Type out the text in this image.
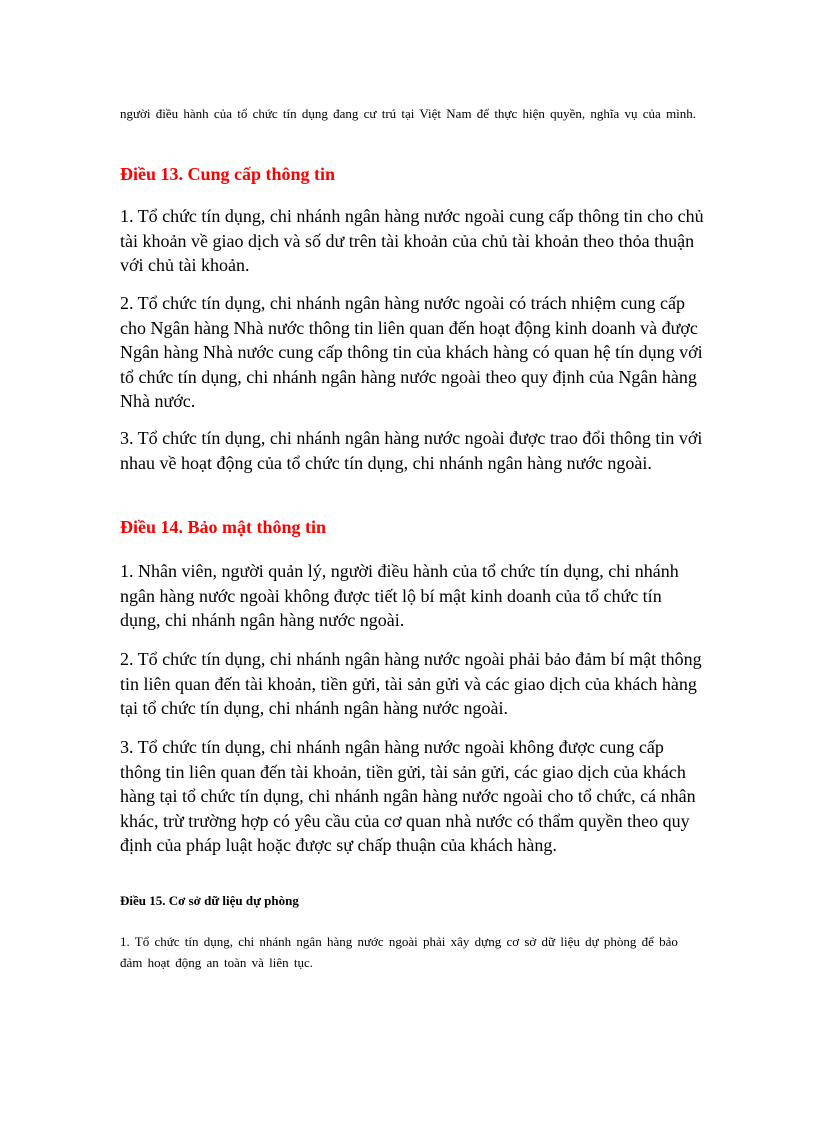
người điều hành của tổ chức tín dụng đang cư trú tại Việt Nam để thực hiện quyền, nghĩa vụ của mình.

Điều 13. Cung cấp thông tin

1. Tổ chức tín dụng, chi nhánh ngân hàng nước ngoài cung cấp thông tin cho chủ tài khoản về giao dịch và số dư trên tài khoản của chủ tài khoản theo thỏa thuận với chủ tài khoản.

2. Tổ chức tín dụng, chi nhánh ngân hàng nước ngoài có trách nhiệm cung cấp cho Ngân hàng Nhà nước thông tin liên quan đến hoạt động kinh doanh và được Ngân hàng Nhà nước cung cấp thông tin của khách hàng có quan hệ tín dụng với tổ chức tín dụng, chi nhánh ngân hàng nước ngoài theo quy định của Ngân hàng Nhà nước.

3. Tổ chức tín dụng, chi nhánh ngân hàng nước ngoài được trao đổi thông tin với nhau về hoạt động của tổ chức tín dụng, chi nhánh ngân hàng nước ngoài.

Điều 14. Bảo mật thông tin

1. Nhân viên, người quản lý, người điều hành của tổ chức tín dụng, chi nhánh ngân hàng nước ngoài không được tiết lộ bí mật kinh doanh của tổ chức tín dụng, chi nhánh ngân hàng nước ngoài.

2. Tổ chức tín dụng, chi nhánh ngân hàng nước ngoài phải bảo đảm bí mật thông tin liên quan đến tài khoản, tiền gửi, tài sản gửi và các giao dịch của khách hàng tại tổ chức tín dụng, chi nhánh ngân hàng nước ngoài.

3. Tổ chức tín dụng, chi nhánh ngân hàng nước ngoài không được cung cấp thông tin liên quan đến tài khoản, tiền gửi, tài sản gửi, các giao dịch của khách hàng tại tổ chức tín dụng, chi nhánh ngân hàng nước ngoài cho tổ chức, cá nhân khác, trừ trường hợp có yêu cầu của cơ quan nhà nước có thẩm quyền theo quy định của pháp luật hoặc được sự chấp thuận của khách hàng.

Điều 15. Cơ sở dữ liệu dự phòng

1. Tổ chức tín dụng, chi nhánh ngân hàng nước ngoài phải xây dựng cơ sở dữ liệu dự phòng để bảo đảm hoạt động an toàn và liên tục.
